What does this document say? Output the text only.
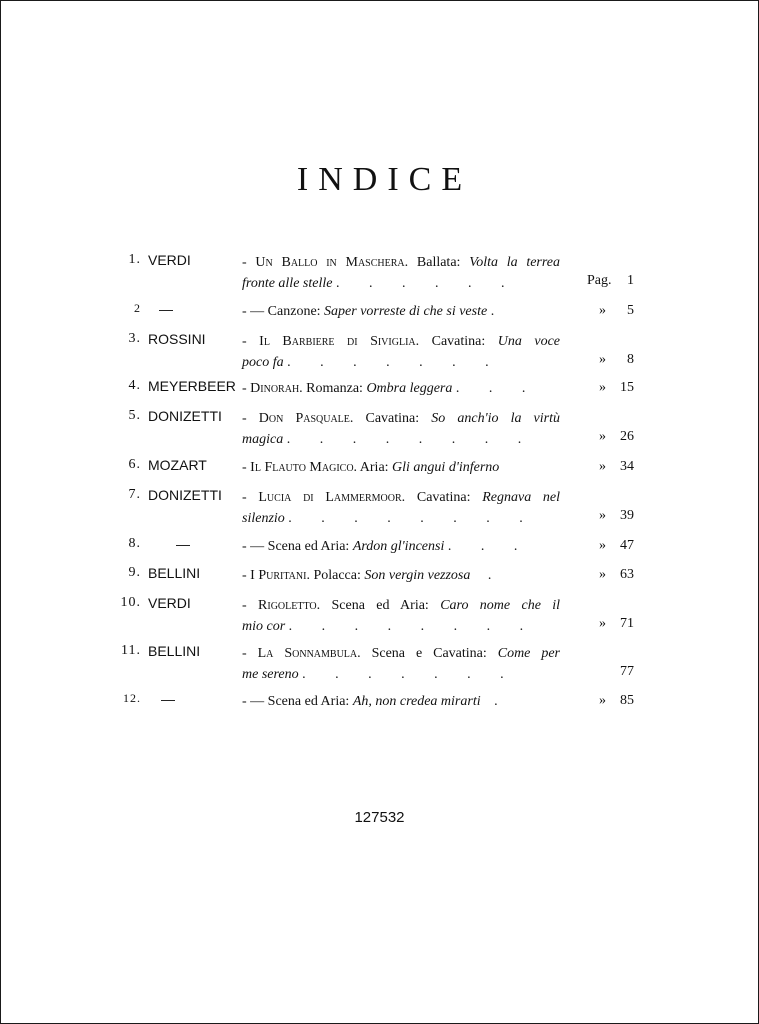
INDICE
1. VERDI	- Un Ballo in Maschera. Ballata: Volta la terrea
fronte alle stelle . . . . . .	Pag.	1
2 —	- — Canzone: Saper vorreste di che si veste .	»	5
3. ROSSINI	- Il Barbiere di Siviglia. Cavatina: Una voce
poco fa . . . . . . .	»	8
4. MEYERBEER - Dinorah. Romanza: Ombra leggera . . .	»	15
5. DONIZETTI - Don Pasquale. Cavatina: So anch'io la virtù
magica . . . . . . . .	»	26
6. MOZART	- Il Flauto Magico. Aria: Gli angui d'inferno	»	34
7. DONIZETTI - Lucia di Lammermoor. Cavatina: Regnava nel
silenzio . . . . . . . .	»	39
8.	—	- — Scena ed Aria: Ardon gl'incensi . . .	»	47
9. BELLINI	- I Puritani. Polacca: Son vergin vezzosa .	»	63
10. VERDI	- Rigoletto. Scena ed Aria: Caro nome che il
mio cor . . . . . . . .	»	71
11. BELLINI	- La Sonnambula. Scena e Cavatina: Come per
me sereno . . . . . . .	77
12. —	- — Scena ed Aria: Ah, non credea mirarti .	»	85
127532
